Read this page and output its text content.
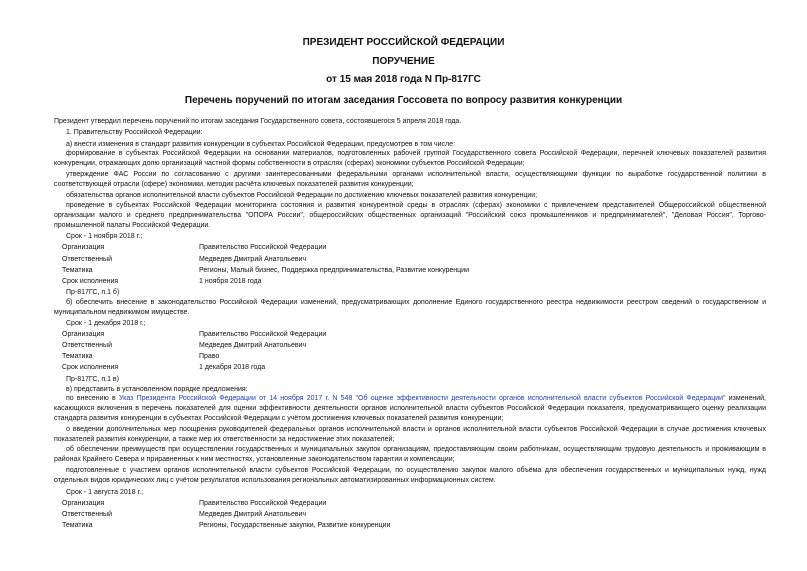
ПРЕЗИДЕНТ РОССИЙСКОЙ ФЕДЕРАЦИИ
ПОРУЧЕНИЕ
от 15 мая 2018 года N Пр-817ГС
Перечень поручений по итогам заседания Госсовета по вопросу развития конкуренции
Президент утвердил перечень поручений по итогам заседания Государственного совета, состоявшегося 5 апреля 2018 года.
1. Правительству Российской Федерации:
а) внести изменения в стандарт развития конкуренции в субъектах Российской Федерации, предусмотрев в том числе:
формирование в субъектах Российской Федерации на основании материалов, подготовленных рабочей группой Государственного совета Российской Федерации, перечней ключевых показателей развития конкуренции, отражающих долю организаций частной формы собственности в отраслях (сферах) экономики субъектов Российской Федерации;
утверждение ФАС России по согласованию с другими заинтересованными федеральными органами исполнительной власти, осуществляющими функции по выработке государственной политики в соответствующей отрасли (сфере) экономики, методик расчёта ключевых показателей развития конкуренции;
обязательства органов исполнительной власти субъектов Российской Федерации по достижению ключевых показателей развития конкуренции;
проведение в субъектах Российской Федерации мониторинга состояния и развития конкурентной среды в отраслях (сферах) экономики с привлечением представителей Общероссийской общественной организации малого и среднего предпринимательства "ОПОРА России", общероссийских общественных организаций "Российский союз промышленников и предпринимателей", "Деловая Россия", Торгово-промышленной палаты Российской Федерации.
Срок - 1 ноября 2018 г.;
Организация	Правительство Российской Федерации
Ответственный	Медведев Дмитрий Анатольевич
Тематика	Регионы, Малый бизнес, Поддержка предпринимательства, Развитие конкуренции
Срок исполнения	1 ноября 2018 года
Пр-817ГС, п.1 б)
б) обеспечить внесение в законодательство Российской Федерации изменений, предусматривающих дополнение Единого государственного реестра недвижимости реестром сведений о государственном и муниципальном недвижимом имуществе.
Срок - 1 декабря 2018 г.;
Организация	Правительство Российской Федерации
Ответственный	Медведев Дмитрий Анатольевич
Тематика	Право
Срок исполнения	1 декабря 2018 года
Пр-817ГС, п.1 в)
в) представить в установленном порядке предложения:
по внесению в Указ Президента Российской Федерации от 14 ноября 2017 г. N 548 "Об оценке эффективности деятельности органов исполнительной власти субъектов Российской Федерации" изменений, касающихся включения в перечень показателей для оценки эффективности деятельности органов исполнительной власти субъектов Российской Федерации показателя, предусматривающего оценку реализации стандарта развития конкуренции в субъектах Российской Федерации с учётом достижения ключевых показателей развития конкуренции;
о введении дополнительных мер поощрения руководителей федеральных органов исполнительной власти и органов исполнительной власти субъектов Российской Федерации в случае достижения ключевых показателей развития конкуренции, а также мер их ответственности за недостижение этих показателей;
об обеспечении преимуществ при осуществлении государственных и муниципальных закупок организациям, предоставляющим своим работникам, осуществляющим трудовую деятельность и проживающим в районах Крайнего Севера и приравненных к ним местностях, установленные законодательством гарантии и компенсации;
подготовленные с участием органов исполнительной власти субъектов Российской Федерации, по осуществлению закупок малого объёма для обеспечения государственных и муниципальных нужд, нужд отдельных видов юридических лиц с учётом результатов использования региональных автоматизированных информационных систем.
Срок - 1 августа 2018 г.;
Организация	Правительство Российской Федерации
Ответственный	Медведев Дмитрий Анатольевич
Тематика	Регионы, Государственные закупки, Развитие конкуренции
